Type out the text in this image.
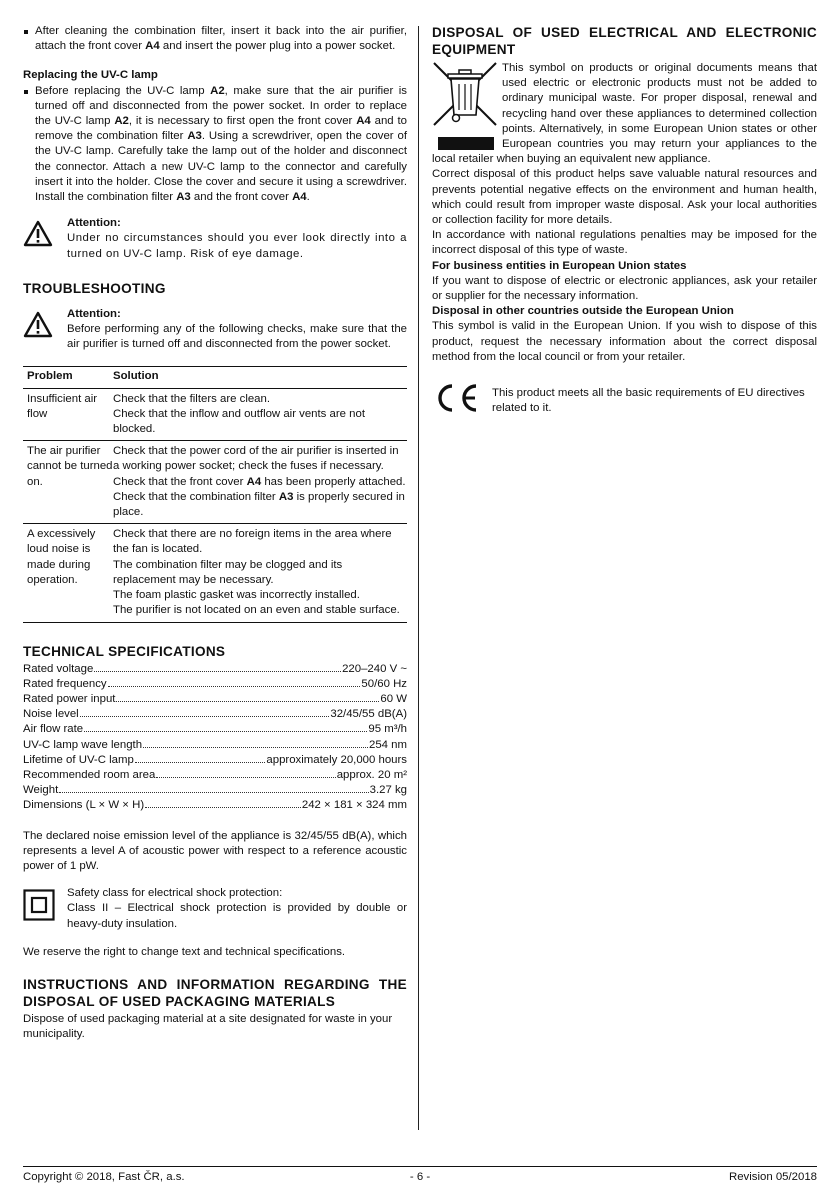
After cleaning the combination filter, insert it back into the air purifier, attach the front cover A4 and insert the power plug into a power socket.

Replacing the UV-C lamp

Before replacing the UV-C lamp A2, make sure that the air purifier is turned off and disconnected from the power socket. In order to replace the UV-C lamp A2, it is necessary to first open the front cover A4 and to remove the combination filter A3. Using a screwdriver, open the cover of the UV-C lamp. Carefully take the lamp out of the holder and disconnect the connector. Attach a new UV-C lamp to the connector and carefully insert it into the holder. Close the cover and secure it using a screwdriver. Install the combination filter A3 and the front cover A4.

Attention:

Under no circumstances should you ever look directly into a turned on UV-C lamp. Risk of eye damage.

TROUBLESHOOTING

Attention:

Before performing any of the following checks, make sure that the air purifier is turned off and disconnected from the power socket.

Problem	Solution
Insufficient air flow	Check that the filters are clean.

Check that the inflow and outflow air vents are not blocked.

The air purifier cannot be turned on.	Check that the power cord of the air purifier is inserted in a working power socket; check the fuses if necessary.

Check that the front cover A4 has been properly attached.

Check that the combination filter A3 is properly secured in place.

A excessively loud noise is made during operation.	Check that there are no foreign items in the area where the fan is located.

The combination filter may be clogged and its replacement may be necessary.

The foam plastic gasket was incorrectly installed.

The purifier is not located on an even and stable surface.

TECHNICAL SPECIFICATIONS

Rated voltage	220–240 V ~
Rated frequency	50/60 Hz
Rated power input	60 W
Noise level	32/45/55 dB(A)
Air flow rate	95 m³/h
UV-C lamp wave length	254 nm
Lifetime of UV-C lamp	approximately 20,000 hours
Recommended room area	approx. 20 m²
Weight	3.27 kg
Dimensions (L × W × H)	242 × 181 × 324 mm

The declared noise emission level of the appliance is 32/45/55 dB(A), which represents a level A of acoustic power with respect to a reference acoustic power of 1 pW.

Safety class for electrical shock protection:

Class II – Electrical shock protection is provided by double or heavy-duty insulation.

We reserve the right to change text and technical specifications.

INSTRUCTIONS AND INFORMATION REGARDING THE DISPOSAL OF USED PACKAGING MATERIALS

Dispose of used packaging material at a site designated for waste in your municipality.

DISPOSAL OF USED ELECTRICAL AND ELECTRONIC EQUIPMENT

This symbol on products or original documents means that used electric or electronic products must not be added to ordinary municipal waste. For proper disposal, renewal and recycling hand over these appliances to determined collection points. Alternatively, in some European Union states or other European countries you may return your appliances to the local retailer when buying an equivalent new appliance.

Correct disposal of this product helps save valuable natural resources and prevents potential negative effects on the environment and human health, which could result from improper waste disposal. Ask your local authorities or collection facility for more details.

In accordance with national regulations penalties may be imposed for the incorrect disposal of this type of waste.

For business entities in European Union states

If you want to dispose of electric or electronic appliances, ask your retailer or supplier for the necessary information.

Disposal in other countries outside the European Union

This symbol is valid in the European Union. If you wish to dispose of this product, request the necessary information about the correct disposal method from the local council or from your retailer.

This product meets all the basic requirements of EU directives related to it.

Copyright © 2018, Fast ČR, a.s.	- 6 -	Revision 05/2018
